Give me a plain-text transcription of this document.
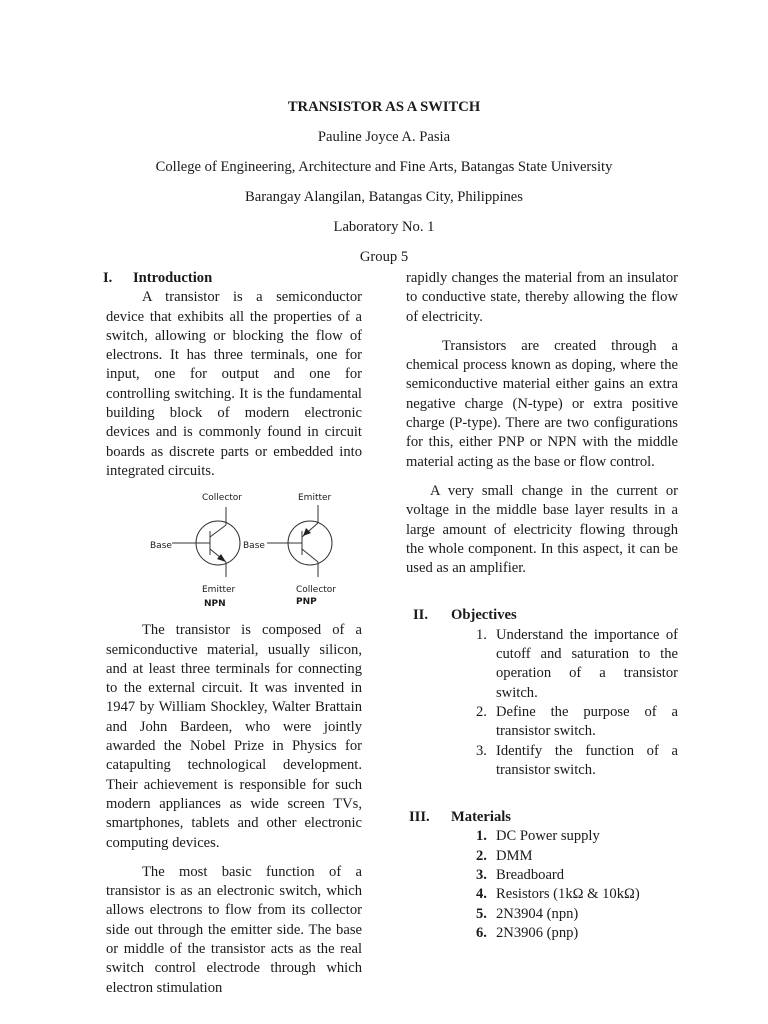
TRANSISTOR AS A SWITCH
Pauline Joyce A. Pasia
College of Engineering, Architecture and Fine Arts, Batangas State University
Barangay Alangilan, Batangas City, Philippines
Laboratory No. 1
Group 5
I. Introduction

A transistor is a semiconductor device that exhibits all the properties of a switch, allowing or blocking the flow of electrons. It has three terminals, one for input, one for output and one for controlling switching. It is the fundamental building block of modern electronic devices and is commonly found in circuit boards as discrete parts or embedded into integrated circuits.

Collector
Base
Emitter
NPN
Emitter
Base
Collector
PNP

The transistor is composed of a semiconductive material, usually silicon, and at least three terminals for connecting to the external circuit. It was invented in 1947 by William Shockley, Walter Brattain and John Bardeen, who were jointly awarded the Nobel Prize in Physics for catapulting technological development. Their achievement is responsible for such modern appliances as wide screen TVs, smartphones, tablets and other electronic computing devices.

The most basic function of a transistor is as an electronic switch, which allows electrons to flow from its collector side out through the emitter side. The base or middle of the transistor acts as the real switch control electrode through which electron stimulation

rapidly changes the material from an insulator to conductive state, thereby allowing the flow of electricity.

Transistors are created through a chemical process known as doping, where the semiconductive material either gains an extra negative charge (N-type) or extra positive charge (P-type). There are two configurations for this, either PNP or NPN with the middle material acting as the base or flow control.

A very small change in the current or voltage in the middle base layer results in a large amount of electricity flowing through the whole component. In this aspect, it can be used as an amplifier.

II. Objectives
1. Understand the importance of cutoff and saturation to the operation of a transistor switch.
2. Define the purpose of a transistor switch.
3. Identify the function of a transistor switch.
III. Materials
1. DC Power supply
2. DMM
3. Breadboard
4. Resistors (1kΩ & 10kΩ)
5. 2N3904 (npn)
6. 2N3906 (pnp)
